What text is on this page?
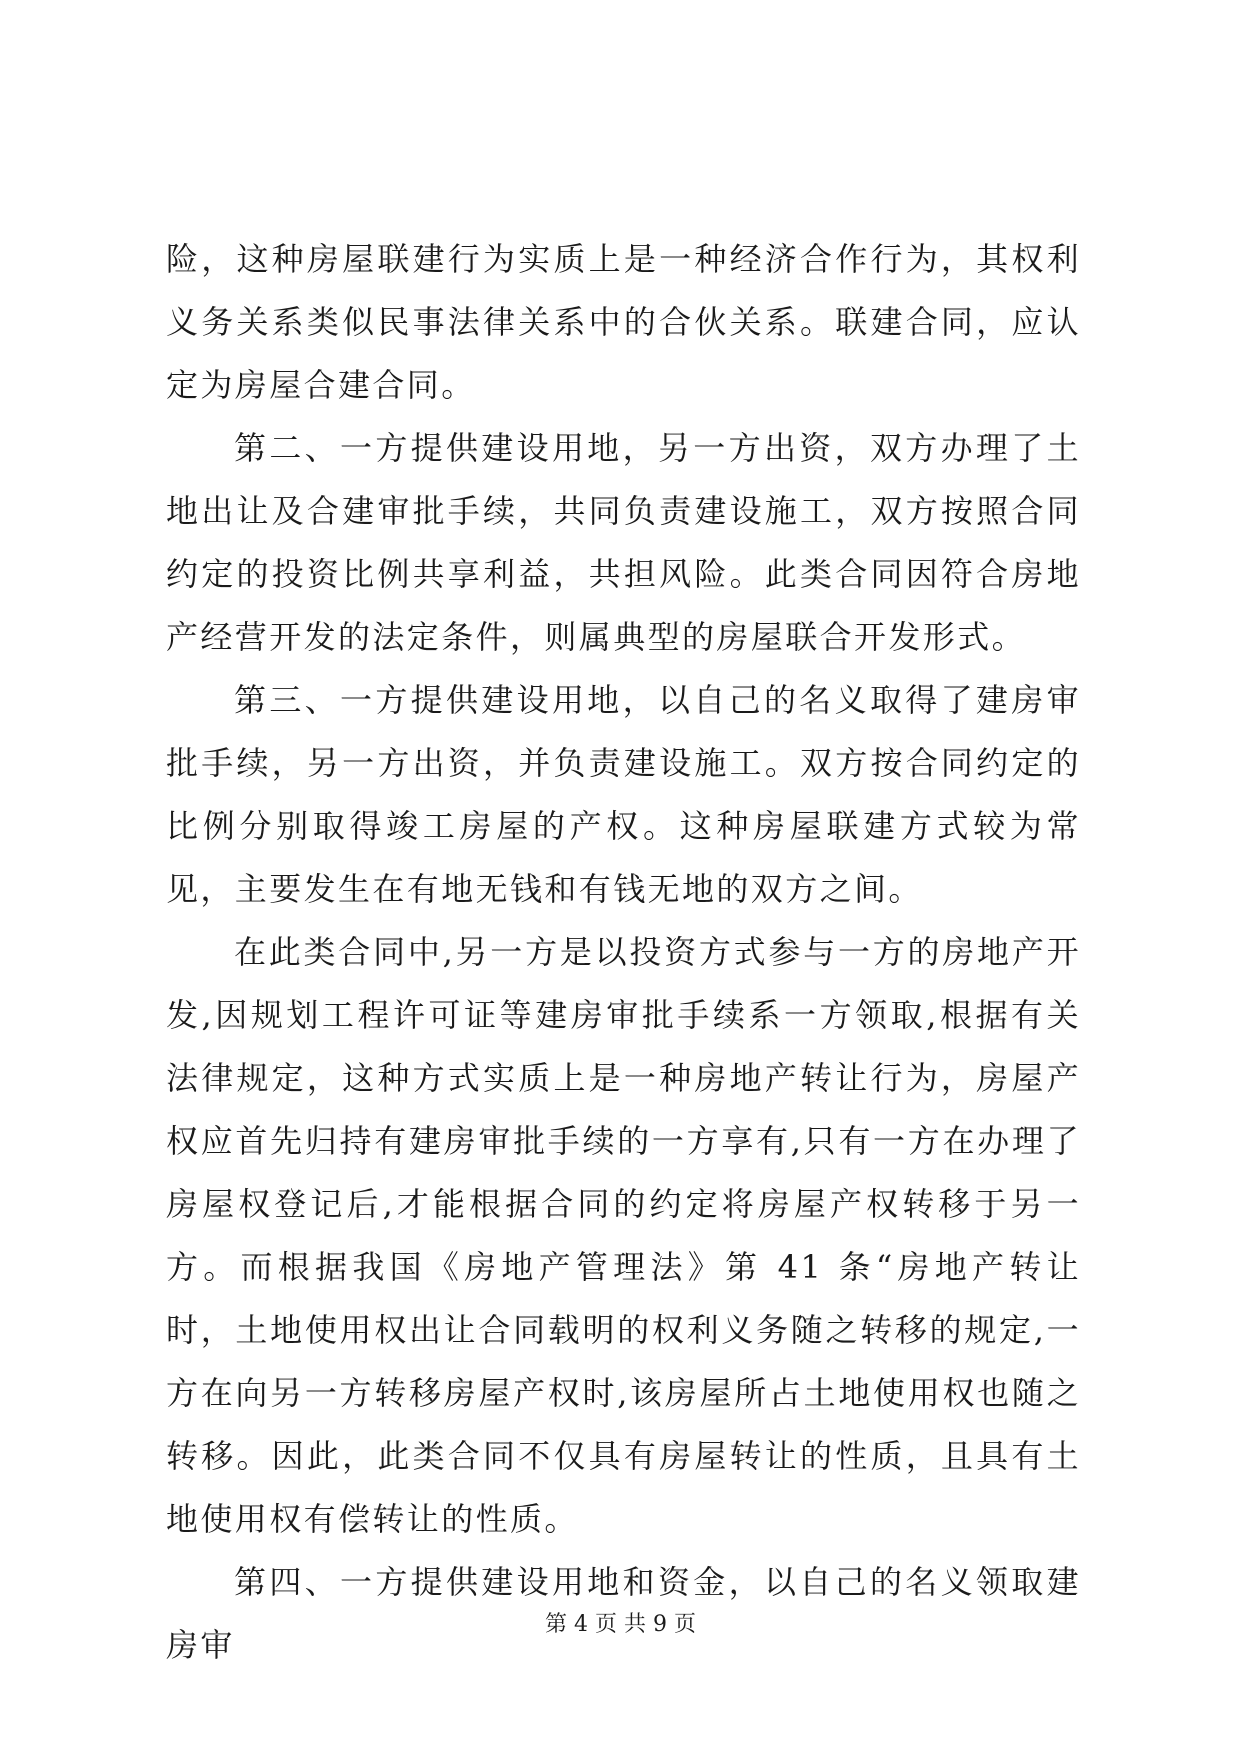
险，这种房屋联建行为实质上是一种经济合作行为，其权利义务关系类似民事法律关系中的合伙关系。联建合同，应认定为房屋合建合同。

第二、一方提供建设用地，另一方出资，双方办理了土地出让及合建审批手续，共同负责建设施工，双方按照合同约定的投资比例共享利益，共担风险。此类合同因符合房地产经营开发的法定条件，则属典型的房屋联合开发形式。

第三、一方提供建设用地，以自己的名义取得了建房审批手续，另一方出资，并负责建设施工。双方按合同约定的比例分别取得竣工房屋的产权。这种房屋联建方式较为常见，主要发生在有地无钱和有钱无地的双方之间。

在此类合同中,另一方是以投资方式参与一方的房地产开发,因规划工程许可证等建房审批手续系一方领取,根据有关法律规定，这种方式实质上是一种房地产转让行为，房屋产权应首先归持有建房审批手续的一方享有,只有一方在办理了房屋权登记后,才能根据合同的约定将房屋产权转移于另一方。而根据我国《房地产管理法》第 41 条“房地产转让时，土地使用权出让合同载明的权利义务随之转移的规定,一方在向另一方转移房屋产权时,该房屋所占土地使用权也随之转移。因此，此类合同不仅具有房屋转让的性质，且具有土地使用权有偿转让的性质。

第四、一方提供建设用地和资金，以自己的名义领取建房审

第 4 页 共 9 页
